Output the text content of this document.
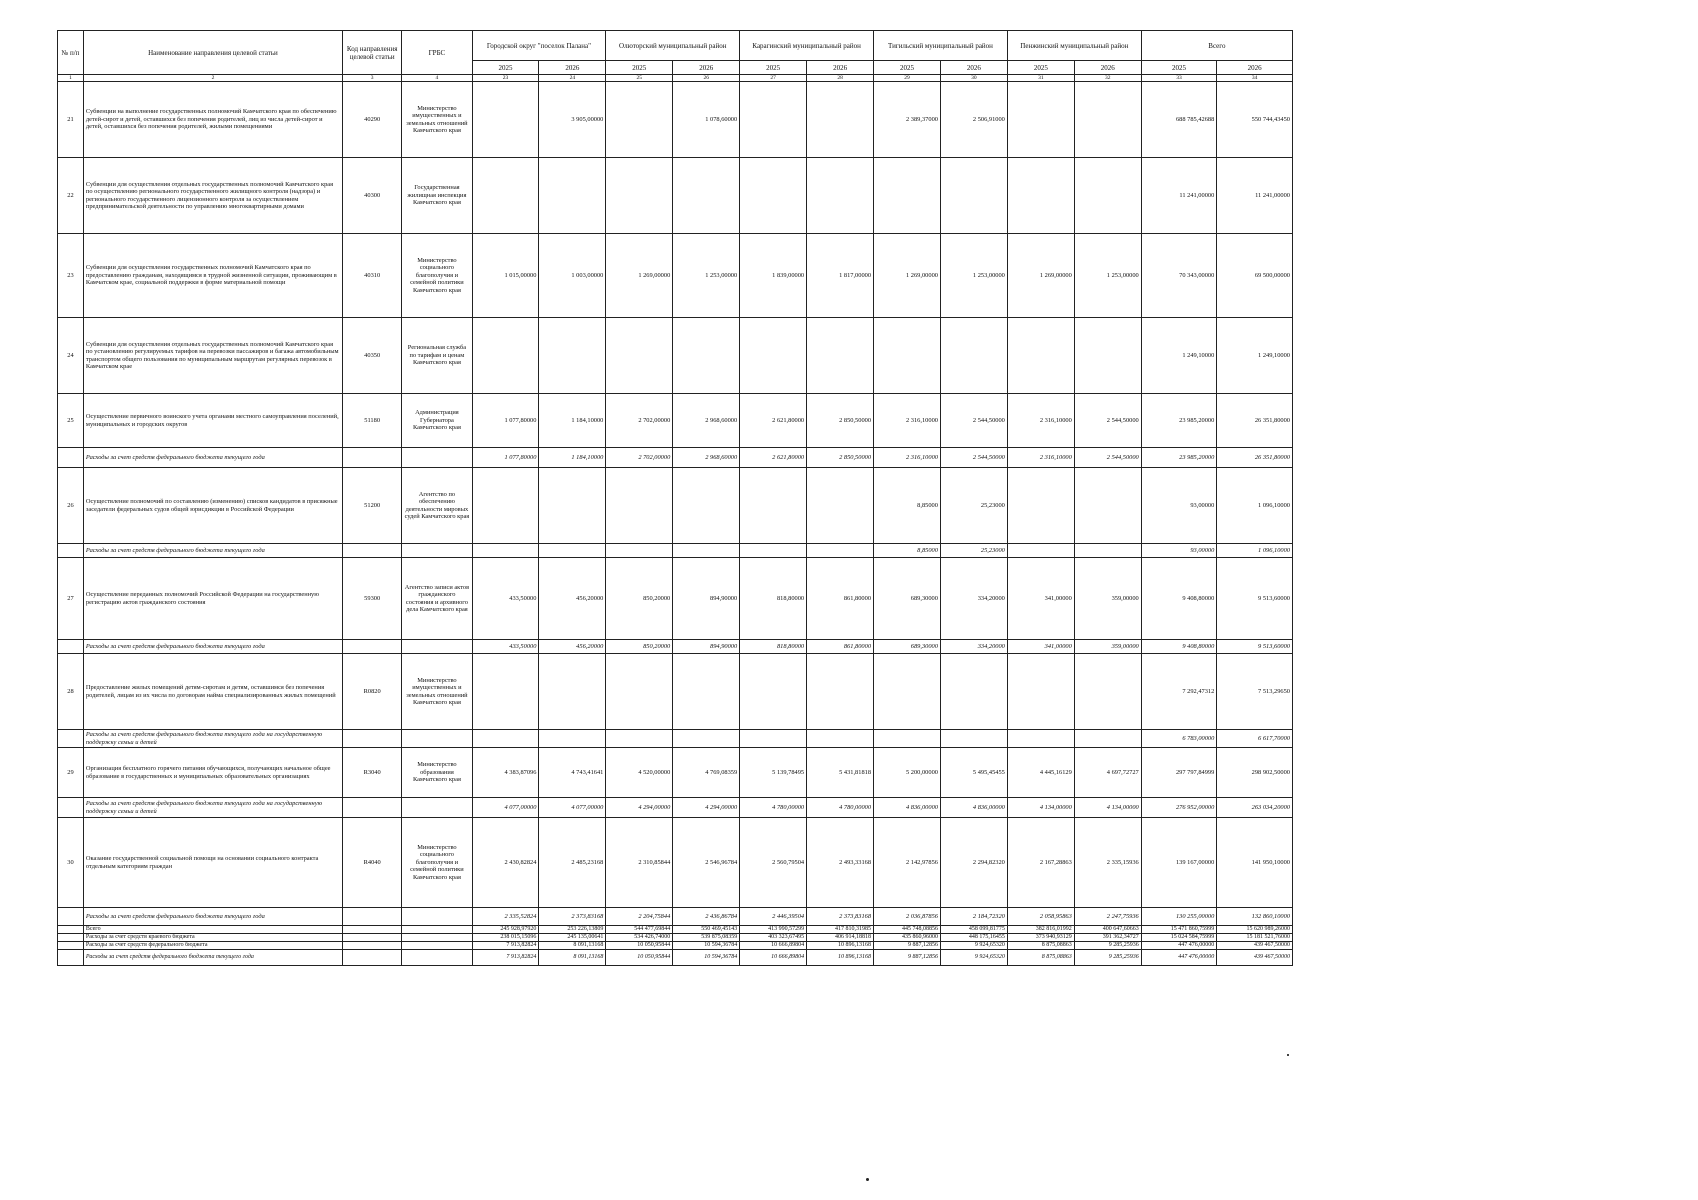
№ п/п	Наименование направления целевой статьи	Код направления целевой статьи	ГРБС	Городской округ "поселок Палана"		Олюторский муниципальный район		Карагинский муниципальный район		Тигильский муниципальный район		Пенжинский муниципальный район		Всего	
				2025	2026	2025	2026	2025	2026	2025	2026	2025	2026	2025	2026
1	2	3	4	23	24	25	26	27	28	29	30	31	32	33	34
21	Субвенции на выполнение государственных полномочий Камчатского края по обеспечению детей-сирот и детей, оставшихся без попечения родителей, лиц из числа детей-сирот и детей, оставшихся без попечения родителей, жилыми помещениями	40290	Министерство имущественных и земельных отношений Камчатского края		3 905,00000		1 078,60000			2 389,37000	2 506,91000			688 785,42688	550 744,43450
22	Субвенции для осуществления отдельных государственных полномочий Камчатского края по осуществлению регионального государственного жилищного контроля (надзора) и регионального государственного лицензионного контроля за осуществлением предпринимательской деятельности по управлению многоквартирными домами	40300	Государственная жилищная инспекция Камчатского края											11 241,00000	11 241,00000
23	Субвенции для осуществления государственных полномочий Камчатского края по предоставлению гражданам, находящимся в трудной жизненной ситуации, проживающим в Камчатском крае, социальной поддержки в форме материальной помощи	40310	Министерство социального благополучия и семейной политики Камчатского края	1 015,00000	1 003,00000	1 269,00000	1 253,00000	1 839,00000	1 817,00000	1 269,00000	1 253,00000	1 269,00000	1 253,00000	70 343,00000	69 500,00000
24	Субвенции для осуществления отдельных государственных полномочий Камчатского края по установлению регулируемых тарифов на перевозки пассажиров и багажа автомобильным транспортом общего пользования по муниципальным маршрутам регулярных перевозок в Камчатском крае	40350	Региональная служба по тарифам и ценам Камчатского края											1 249,10000	1 249,10000
25	Осуществление первичного воинского учета органами местного самоуправления поселений, муниципальных и городских округов	51180	Администрация Губернатора Камчатского края	1 077,80000	1 184,10000	2 702,00000	2 968,60000	2 621,80000	2 850,50000	2 316,10000	2 544,50000	2 316,10000	2 544,50000	23 985,20000	26 351,80000
	Расходы за счет средств федерального бюджета текущего года			1 077,80000	1 184,10000	2 702,00000	2 968,60000	2 621,80000	2 850,50000	2 316,10000	2 544,50000	2 316,10000	2 544,50000	23 985,20000	26 351,80000
26	Осуществление полномочий по составлению (изменению) списков кандидатов в присяжные заседатели федеральных судов общей юрисдикции в Российской Федерации	51200	Агентство по обеспечению деятельности мировых судей Камчатского края							8,85000	25,23000			93,00000	1 096,10000
	Расходы за счет средств федерального бюджета текущего года									8,85000	25,23000			93,00000	1 096,10000
27	Осуществление переданных полномочий Российской Федерации на государственную регистрацию актов гражданского состояния	59300	Агентство записи актов гражданского состояния и архивного дела Камчатского края	433,50000	456,20000	850,20000	894,90000	818,80000	861,80000	689,30000	334,20000	341,00000	359,00000	9 408,80000	9 513,60000
	Расходы за счет средств федерального бюджета текущего года			433,50000	456,20000	850,20000	894,90000	818,80000	861,80000	689,30000	334,20000	341,00000	359,00000	9 408,80000	9 513,60000
28	Предоставление жилых помещений детям-сиротам и детям, оставшимся без попечения родителей, лицам из их числа по договорам найма специализированных жилых помещений	R0820	Министерство имущественных и земельных отношений Камчатского края											7 292,47312	7 513,29650
	Расходы за счет средств федерального бюджета текущего года на государственную поддержку семьи и детей													6 783,00000	6 617,70000
29	Организация бесплатного горячего питания обучающихся, получающих начальное общее образование в государственных и муниципальных образовательных организациях	R3040	Министерство образования Камчатского края	4 383,87096	4 743,41641	4 520,00000	4 769,08359	5 139,78495	5 431,81818	5 200,00000	5 495,45455	4 445,16129	4 697,72727	297 797,84999	298 902,50000
	Расходы за счет средств федерального бюджета текущего года на государственную поддержку семьи и детей			4 077,00000	4 077,00000	4 294,00000	4 294,00000	4 780,00000	4 780,00000	4 836,00000	4 836,00000	4 134,00000	4 134,00000	276 952,00000	263 034,20000
30	Оказание государственной социальной помощи на основании социального контракта отдельным категориям граждан	R4040	Министерство социального благополучия и семейной политики Камчатского края	2 430,82824	2 485,23168	2 310,85844	2 546,96784	2 560,79504	2 493,33168	2 142,97856	2 294,82320	2 167,28863	2 335,15936	139 167,00000	141 950,10000
	Расходы за счет средств федерального бюджета текущего года			2 335,52824	2 373,83168	2 204,75844	2 436,86784	2 446,39504	2 373,83168	2 036,87856	2 184,72320	2 058,95863	2 247,75936	130 255,00000	132 860,10000
	Всего			245 928,97920	253 226,13809	544 477,69844	550 469,45143	413 990,57299	417 810,31985	445 748,08856	458 099,81775	382 816,01992	400 647,60663	15 471 860,75999	15 620 989,26000
	Расходы за счет средств краевого бюджета			238 015,15096	245 135,00641	534 426,74000	539 875,08359	403 323,67495	406 914,18818	435 860,96000	448 175,16455	373 940,93129	391 362,34727	15 024 584,75999	15 181 521,76000
	Расходы за счет средств федерального бюджета			7 913,82824	8 091,13168	10 050,95844	10 594,36784	10 666,89804	10 896,13168	9 887,12856	9 924,65320	8 875,08863	9 285,25936	447 476,00000	439 467,50000
	Расходы за счет средств федерального бюджета текущего года			7 913,82824	8 091,13168	10 050,95844	10 594,36784	10 666,89804	10 896,13168	9 887,12856	9 924,65320	8 875,08863	9 285,25936	447 476,00000	439 467,50000
